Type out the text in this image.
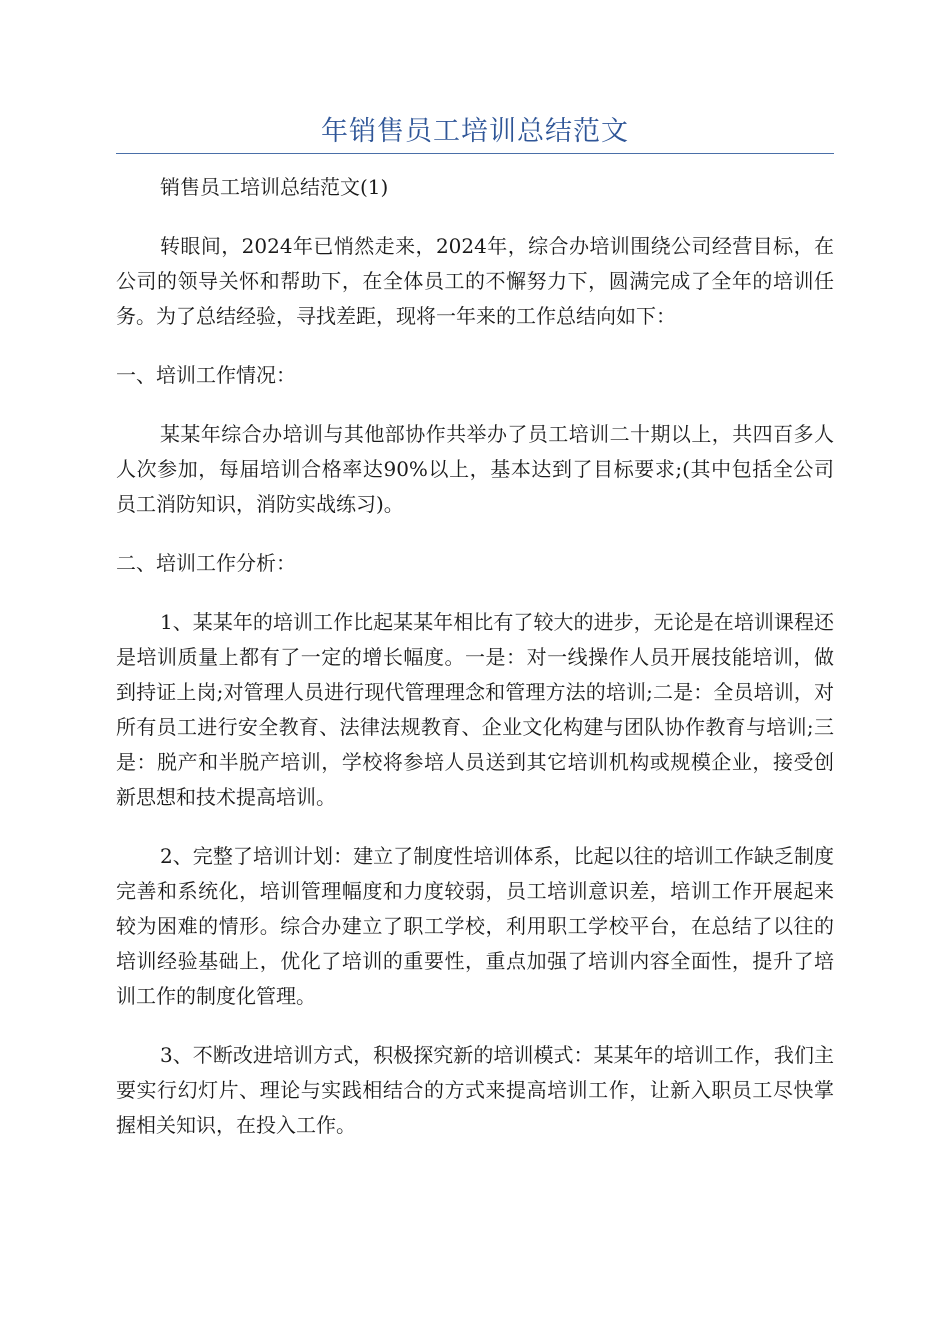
年销售员工培训总结范文

销售员工培训总结范文(1)

转眼间，2024年已悄然走来，2024年，综合办培训围绕公司经营目标，在公司的领导关怀和帮助下，在全体员工的不懈努力下，圆满完成了全年的培训任务。为了总结经验，寻找差距，现将一年来的工作总结向如下：

一、培训工作情况：

某某年综合办培训与其他部协作共举办了员工培训二十期以上，共四百多人人次参加，每届培训合格率达90%以上，基本达到了目标要求;(其中包括全公司员工消防知识，消防实战练习)。

二、培训工作分析：

1、某某年的培训工作比起某某年相比有了较大的进步，无论是在培训课程还是培训质量上都有了一定的增长幅度。一是：对一线操作人员开展技能培训，做到持证上岗;对管理人员进行现代管理理念和管理方法的培训;二是：全员培训，对所有员工进行安全教育、法律法规教育、企业文化构建与团队协作教育与培训;三是：脱产和半脱产培训，学校将参培人员送到其它培训机构或规模企业，接受创新思想和技术提高培训。

2、完整了培训计划：建立了制度性培训体系，比起以往的培训工作缺乏制度完善和系统化，培训管理幅度和力度较弱，员工培训意识差，培训工作开展起来较为困难的情形。综合办建立了职工学校，利用职工学校平台，在总结了以往的培训经验基础上，优化了培训的重要性，重点加强了培训内容全面性，提升了培训工作的制度化管理。

3、不断改进培训方式，积极探究新的培训模式：某某年的培训工作，我们主要实行幻灯片、理论与实践相结合的方式来提高培训工作，让新入职员工尽快掌握相关知识，在投入工作。
